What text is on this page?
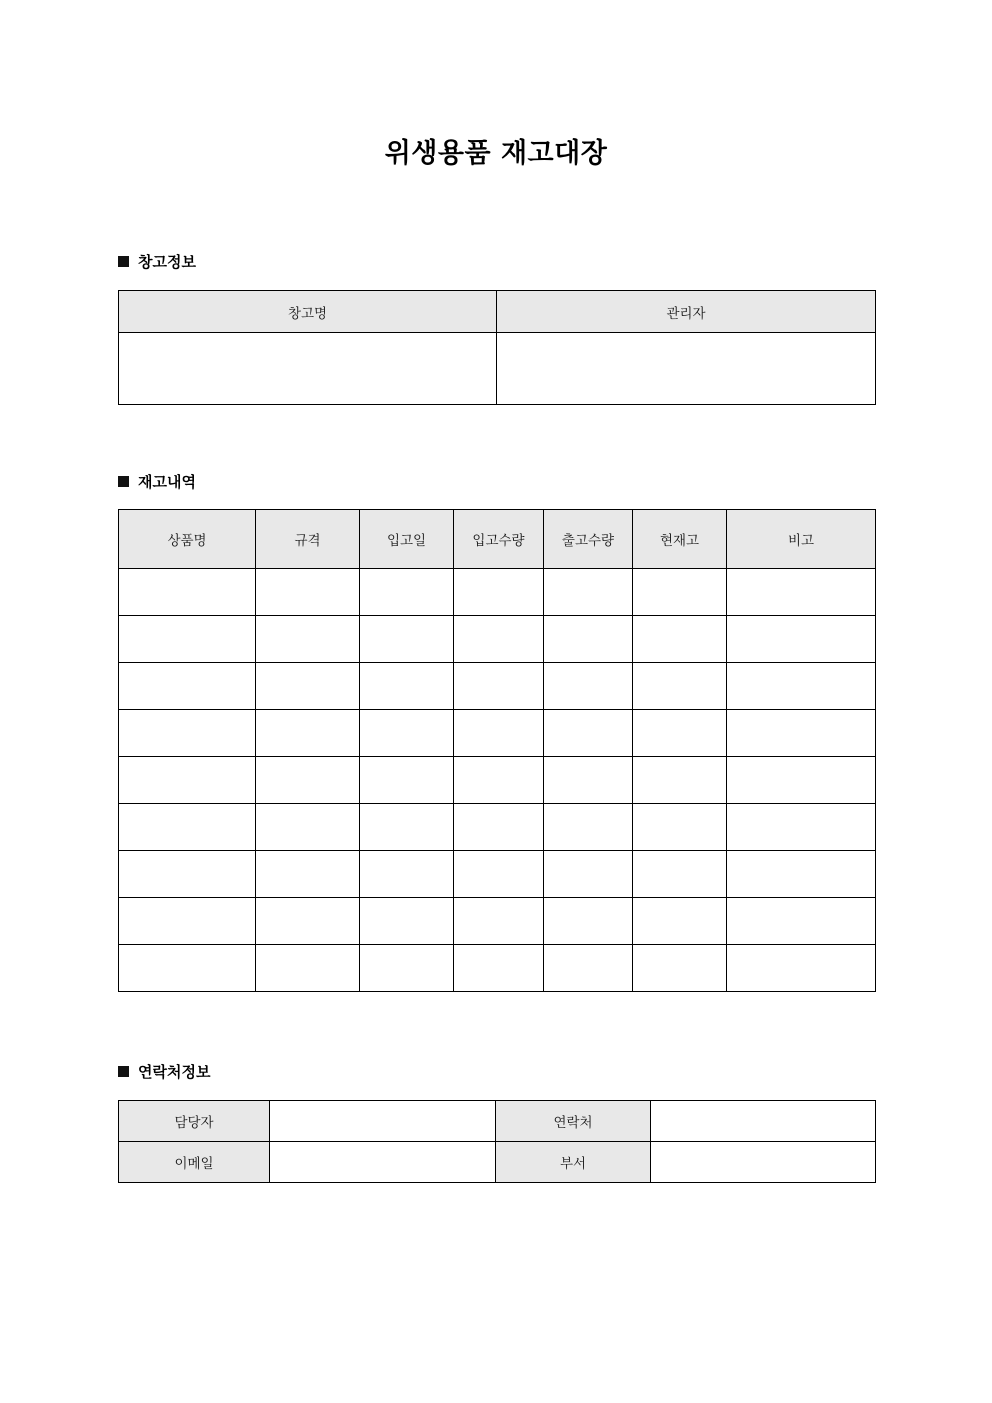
위생용품 재고대장
창고정보
창고명	관리자

재고내역
상품명	규격	입고일	입고수량	출고수량	현재고	비고

연락처정보
담당자		연락처	
이메일		부서	
